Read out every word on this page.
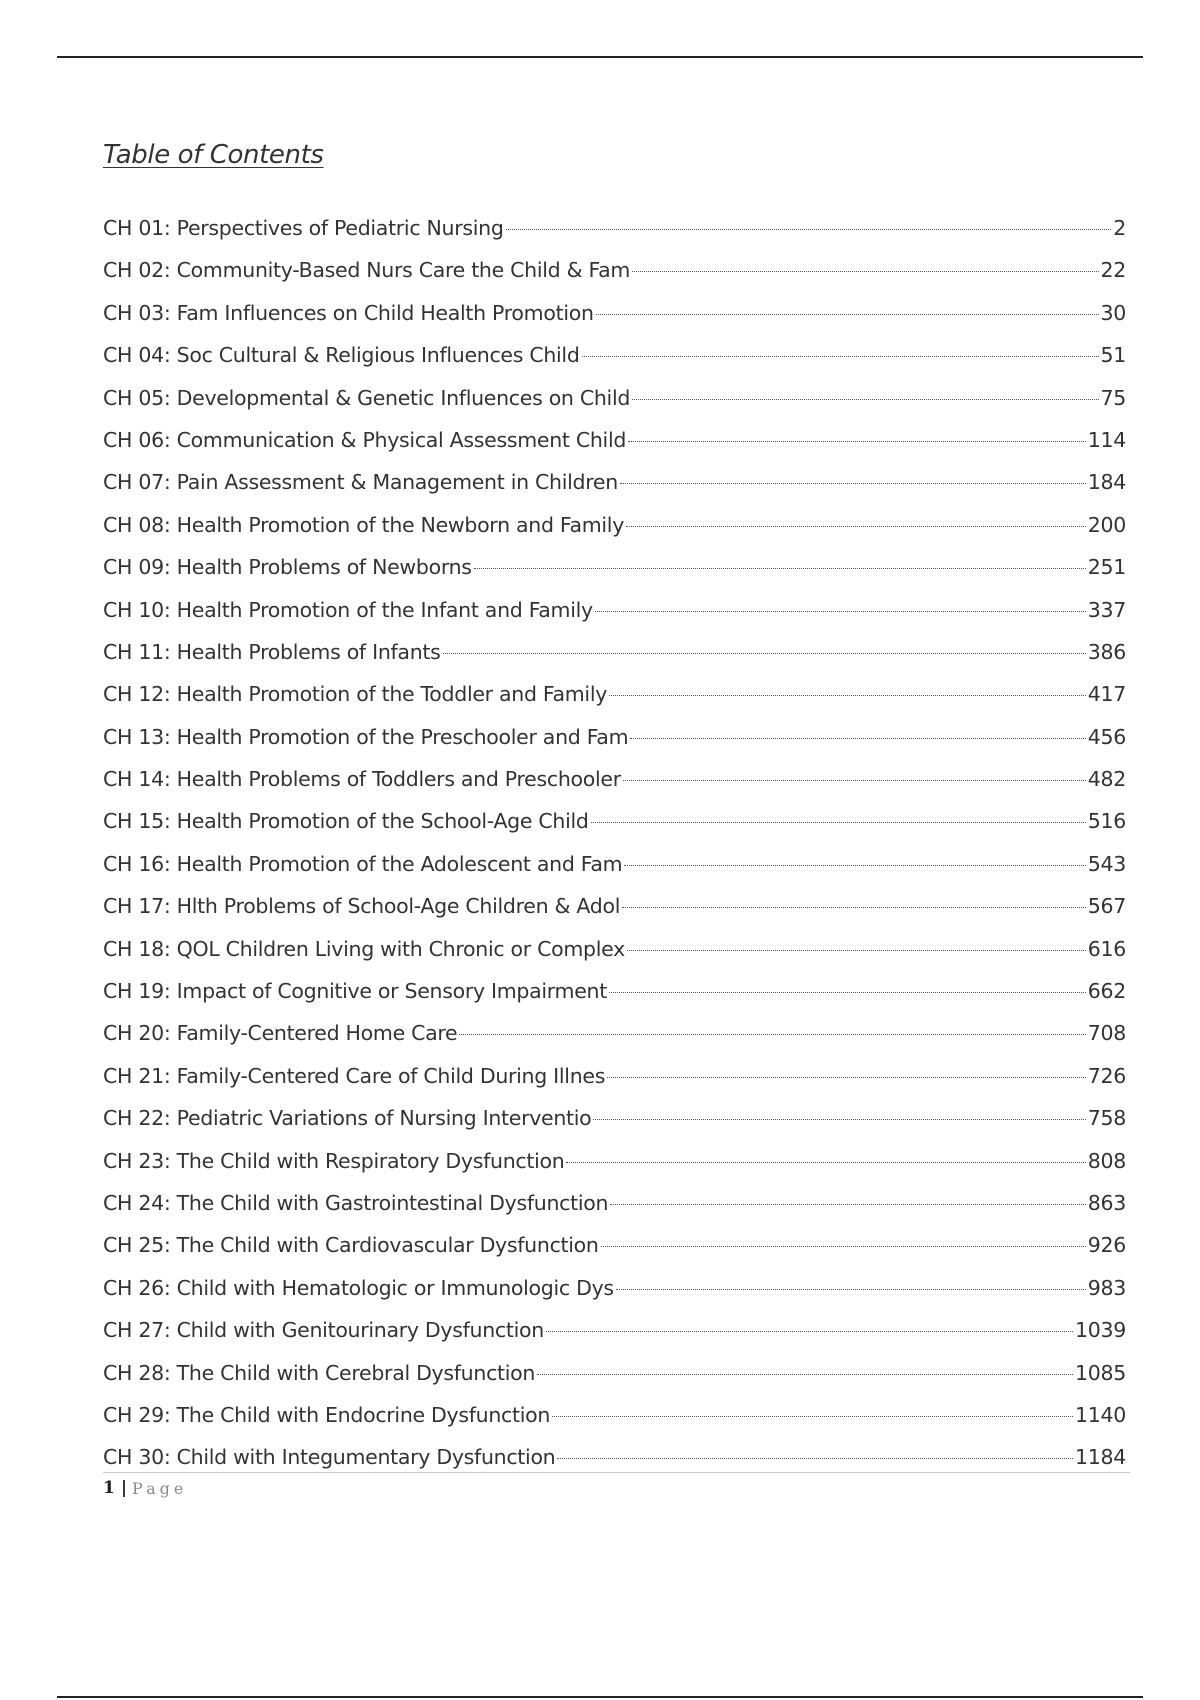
Table of Contents
CH 01: Perspectives of Pediatric Nursing	2
CH 02: Community-Based Nurs Care the Child & Fam	22
CH 03: Fam Influences on Child Health Promotion	30
CH 04: Soc Cultural & Religious Influences Child	51
CH 05: Developmental & Genetic Influences on Child	75
CH 06: Communication & Physical Assessment Child	114
CH 07: Pain Assessment & Management in Children	184
CH 08: Health Promotion of the Newborn and Family	200
CH 09: Health Problems of Newborns	251
CH 10: Health Promotion of the Infant and Family	337
CH 11: Health Problems of Infants	386
CH 12: Health Promotion of the Toddler and Family	417
CH 13: Health Promotion of the Preschooler and Fam	456
CH 14: Health Problems of Toddlers and Preschooler	482
CH 15: Health Promotion of the School-Age Child	516
CH 16: Health Promotion of the Adolescent and Fam	543
CH 17: Hlth Problems of School-Age Children & Adol	567
CH 18: QOL Children Living with Chronic or Complex	616
CH 19: Impact of Cognitive or Sensory Impairment	662
CH 20: Family-Centered Home Care	708
CH 21: Family-Centered Care of Child During Illnes	726
CH 22: Pediatric Variations of Nursing Interventio	758
CH 23: The Child with Respiratory Dysfunction	808
CH 24: The Child with Gastrointestinal Dysfunction	863
CH 25: The Child with Cardiovascular Dysfunction	926
CH 26: Child with Hematologic or Immunologic Dys	983
CH 27: Child with Genitourinary Dysfunction	1039
CH 28: The Child with Cerebral Dysfunction	1085
CH 29: The Child with Endocrine Dysfunction	1140
CH 30: Child with Integumentary Dysfunction	1184
1 | Page
